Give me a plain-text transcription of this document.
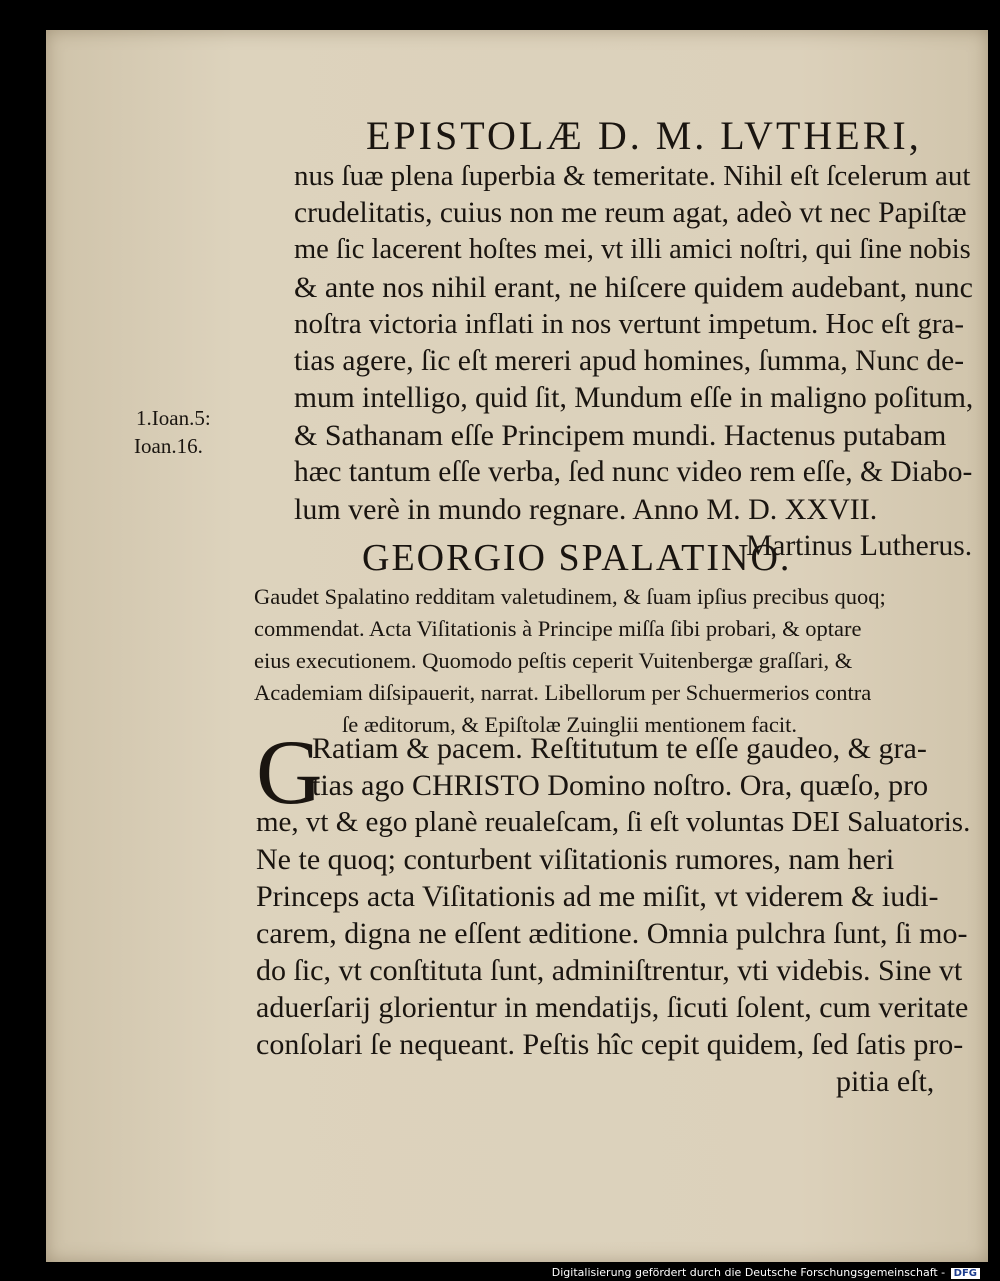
EPISTOLÆ D. M. LVTHERI,
nus ſuæ plena ſuperbia & temeritate. Nihil eſt ſcelerum aut
crudelitatis, cuius non me reum agat, adeò vt nec Papiſtæ
me ſic lacerent hoſtes mei, vt illi amici noſtri, qui ſine nobis
& ante nos nihil erant, ne hiſcere quidem audebant, nunc
noſtra victoria inflati in nos vertunt impetum. Hoc eſt gra-
tias agere, ſic eſt mereri apud homines, ſumma, Nunc de-
mum intelligo, quid ſit, Mundum eſſe in maligno poſitum,
& Sathanam eſſe Principem mundi. Hactenus putabam
hæc tantum eſſe verba, ſed nunc video rem eſſe, & Diabo-
lum verè in mundo regnare. Anno M. D. XXVII.
Martinus Lutherus.
1.Ioan.5:
Ioan.16.
GEORGIO SPALATINO.
Gaudet Spalatino redditam valetudinem, & ſuam ipſius precibus quoq;
commendat. Acta Viſitationis à Principe miſſa ſibi probari, & optare
eius executionem. Quomodo peſtis ceperit Vuitenbergæ graſſari, &
Academiam diſsipauerit, narrat. Libellorum per Schuermerios contra
ſe æditorum, & Epiſtolæ Zuinglii mentionem facit.
G
Ratiam & pacem. Reſtitutum te eſſe gaudeo, & gra-
tias ago CHRISTO Domino noſtro. Ora, quæſo, pro
me, vt & ego planè reualeſcam, ſi eſt voluntas DEI Saluatoris.
Ne te quoq; conturbent viſitationis rumores, nam heri
Princeps acta Viſitationis ad me miſit, vt viderem & iudi-
carem, digna ne eſſent æditione. Omnia pulchra ſunt, ſi mo-
do ſic, vt conſtituta ſunt, adminiſtrentur, vti videbis. Sine vt
aduerſarij glorientur in mendatijs, ſicuti ſolent, cum veritate
conſolari ſe nequeant. Peſtis hîc cepit quidem, ſed ſatis pro-
pitia eſt,
Digitalisierung gefördert durch die Deutsche Forschungsgemeinschaft - DFG
